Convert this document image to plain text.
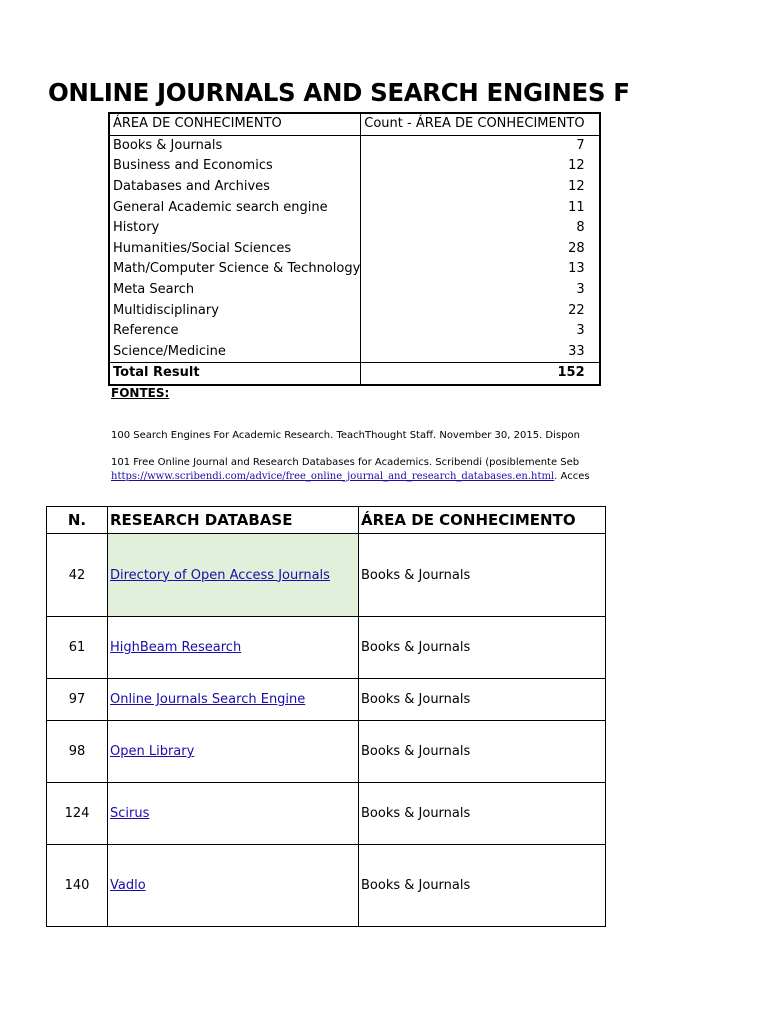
ONLINE JOURNALS AND SEARCH ENGINES F
ÁREA DE CONHECIMENTO	Count - ÁREA DE CONHECIMENTO
Books & Journals	7
Business and Economics	12
Databases and Archives	12
General Academic search engine	11
History	8
Humanities/Social Sciences	28
Math/Computer Science & Technology	13
Meta Search	3
Multidisciplinary	22
Reference	3
Science/Medicine	33
Total Result	152
FONTES:
100 Search Engines For Academic Research. TeachThought Staff. November 30, 2015. Dispon
101 Free Online Journal and Research Databases for Academics. Scribendi (posiblemente Seb
https://www.scribendi.com/advice/free_online_journal_and_research_databases.en.html. Acces
N.	RESEARCH DATABASE	ÁREA DE CONHECIMENTO
42	Directory of Open Access Journals	Books & Journals
61	HighBeam Research	Books & Journals
97	Online Journals Search Engine	Books & Journals
98	Open Library	Books & Journals
124	Scirus	Books & Journals
140	Vadlo	Books & Journals
